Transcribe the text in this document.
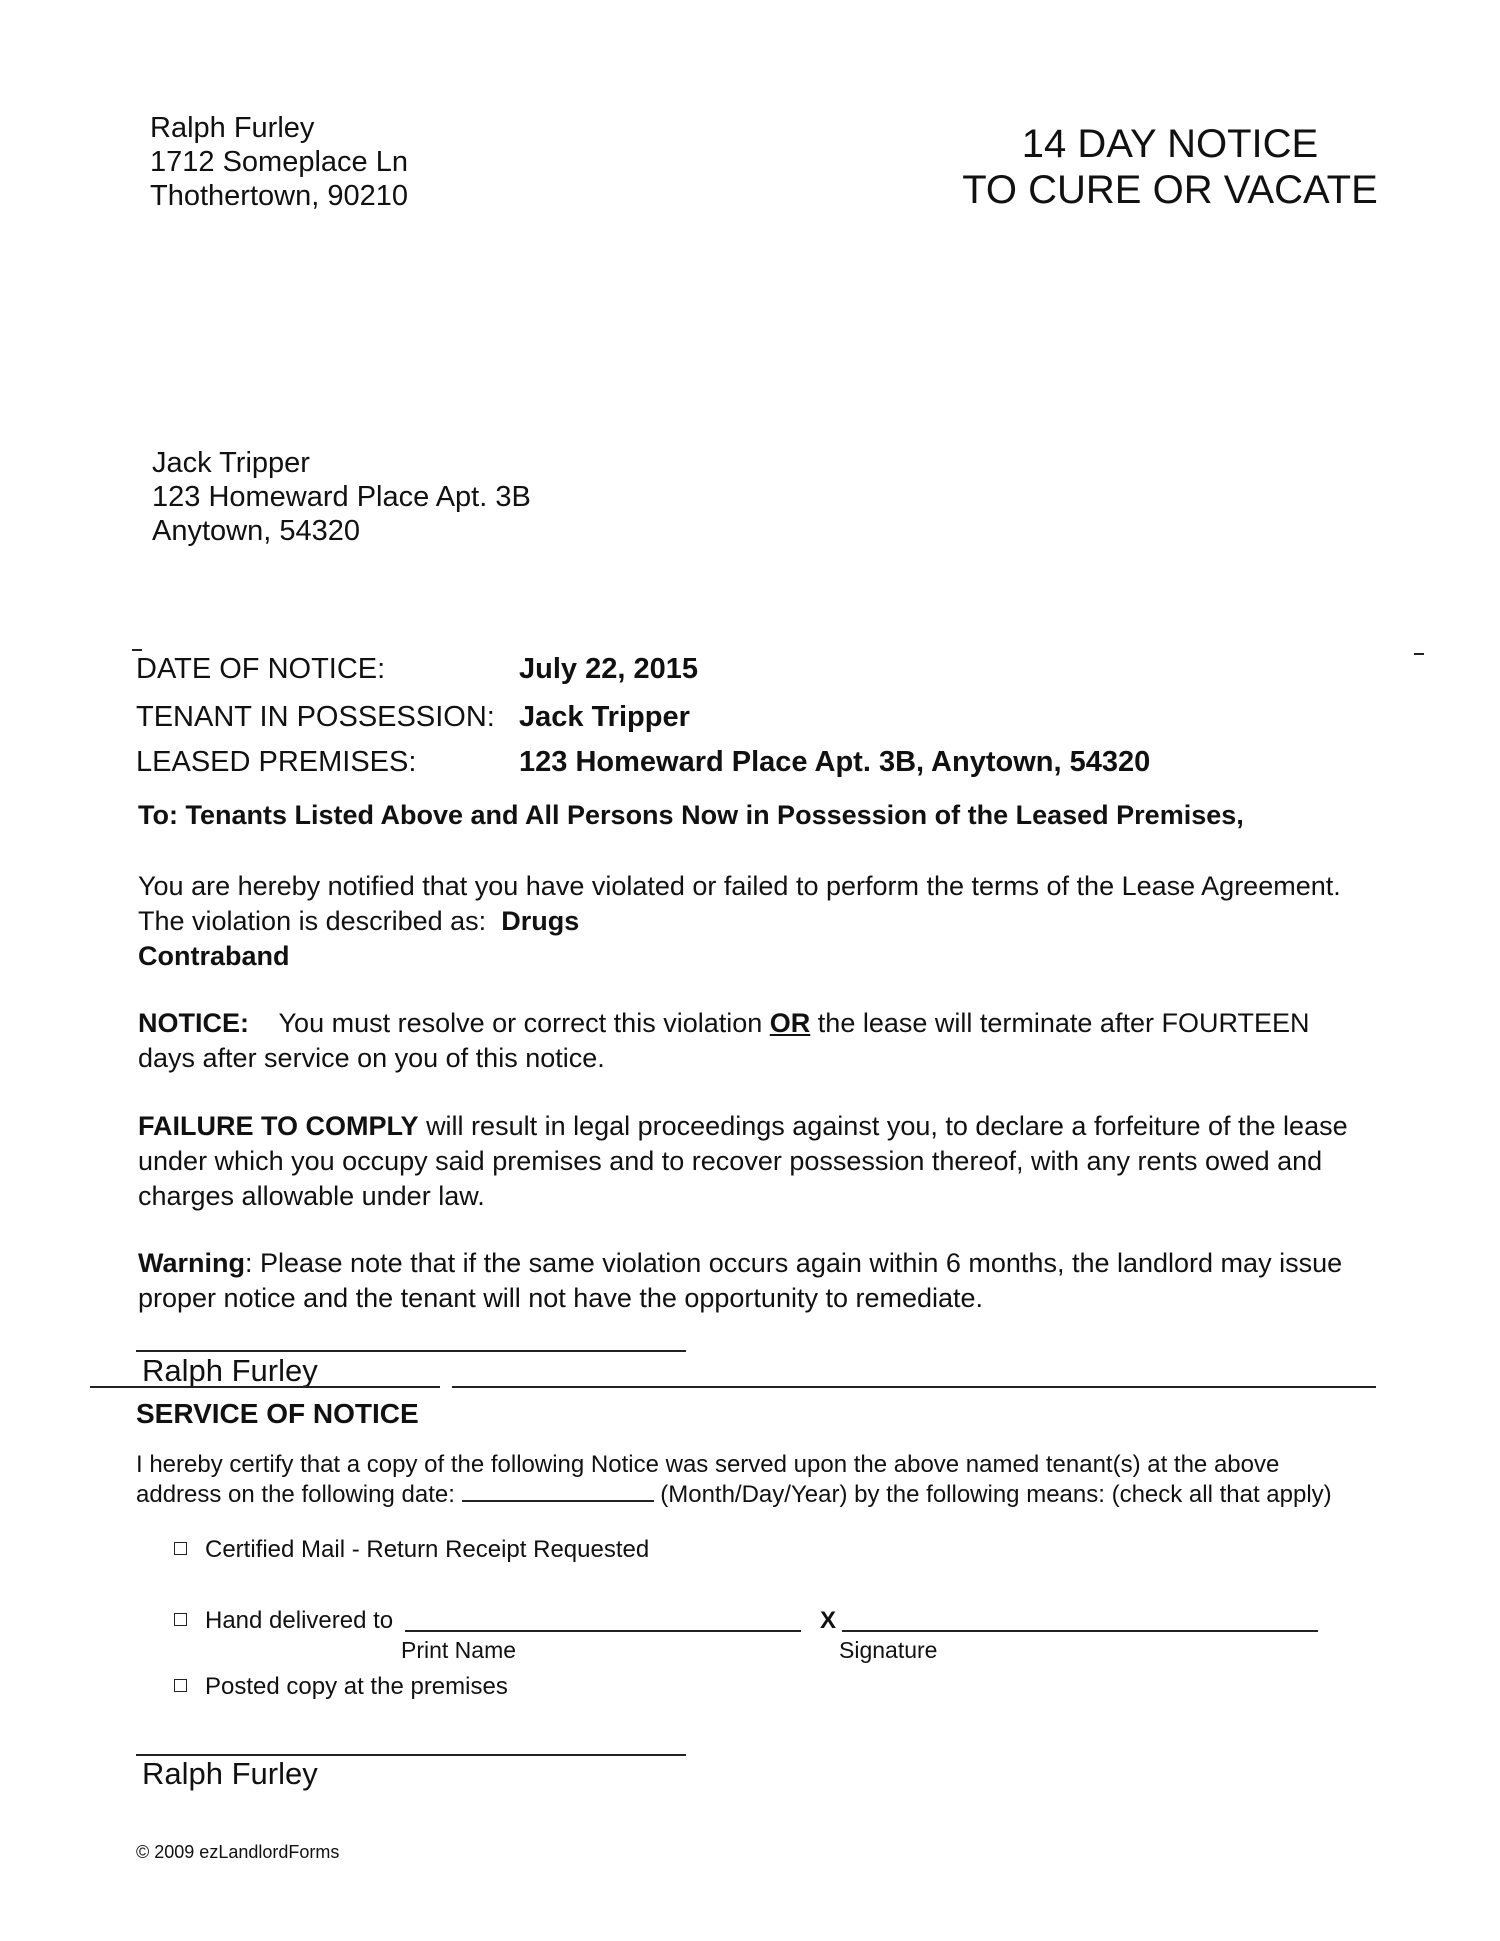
Ralph Furley
1712 Someplace Ln
Thothertown, 90210
14 DAY NOTICE
TO CURE OR VACATE
Jack Tripper
123 Homeward Place Apt. 3B
Anytown, 54320
DATE OF NOTICE:	July 22, 2015
TENANT IN POSSESSION: Jack Tripper
LEASED PREMISES:	123 Homeward Place Apt. 3B, Anytown, 54320
To: Tenants Listed Above and All Persons Now in Possession of the Leased Premises,
You are hereby notified that you have violated or failed to perform the terms of the Lease Agreement.
The violation is described as: Drugs
Contraband
NOTICE: You must resolve or correct this violation OR the lease will terminate after FOURTEEN
days after service on you of this notice.
FAILURE TO COMPLY will result in legal proceedings against you, to declare a forfeiture of the lease
under which you occupy said premises and to recover possession thereof, with any rents owed and
charges allowable under law.
Warning: Please note that if the same violation occurs again within 6 months, the landlord may issue
proper notice and the tenant will not have the opportunity to remediate.
Ralph Furley
SERVICE OF NOTICE
I hereby certify that a copy of the following Notice was served upon the above named tenant(s) at the above
address on the following date:	(Month/Day/Year) by the following means: (check all that apply)
Certified Mail - Return Receipt Requested
Hand delivered to	X
Print Name	Signature
Posted copy at the premises
Ralph Furley
© 2009 ezLandlordForms
